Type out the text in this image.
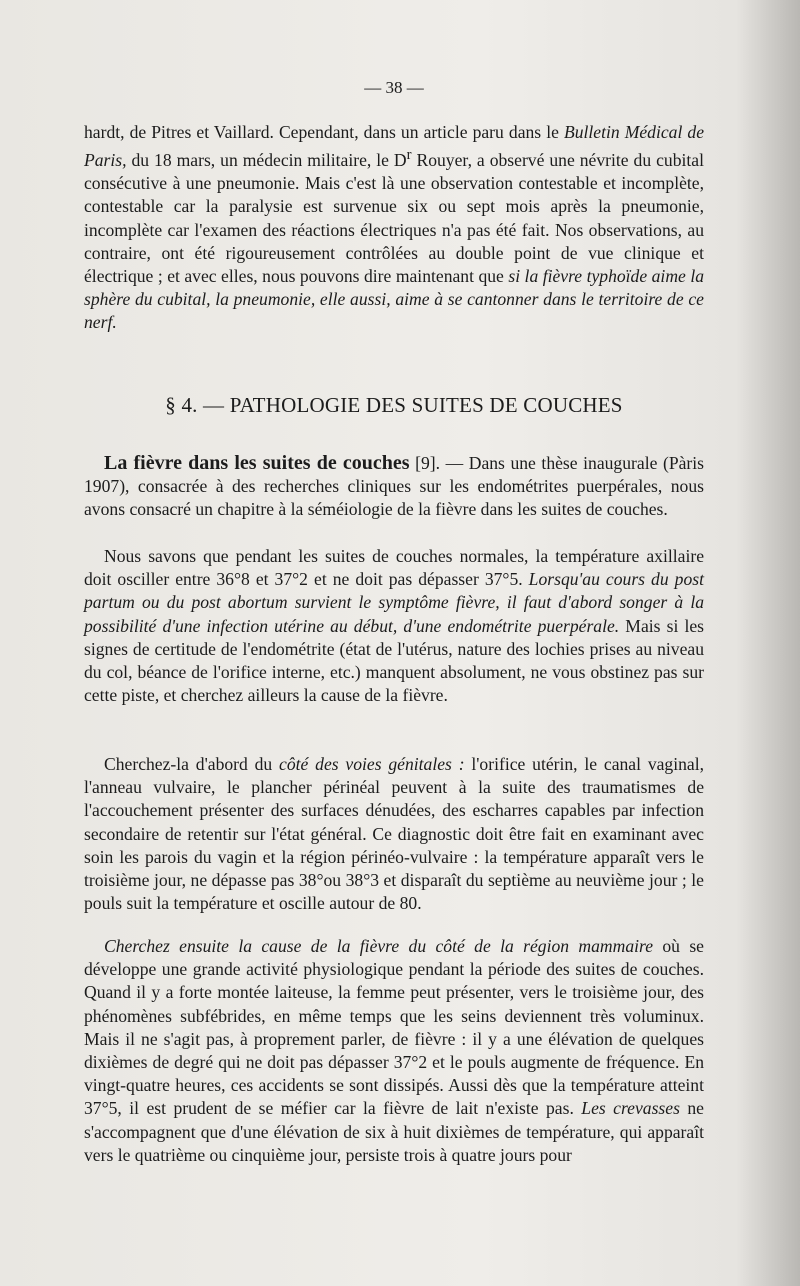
— 38 —

hardt, de Pitres et Vaillard. Cependant, dans un article paru dans le Bulletin Médical de Paris, du 18 mars, un médecin militaire, le $D^r$ Rouyer, a observé une névrite du cubital consécutive à une pneumonie. Mais c'est là une observation contestable et incomplète, contestable car la paralysie est survenue six ou sept mois après la pneumonie, incomplète car l'examen des réactions électriques n'a pas été fait. Nos observations, au contraire, ont été rigoureusement contrôlées au double point de vue clinique et électrique ; et avec elles, nous pouvons dire maintenant que si la fièvre typhoïde aime la sphère du cubital, la pneumonie, elle aussi, aime à se cantonner dans le territoire de ce nerf.

§ 4. — PATHOLOGIE DES SUITES DE COUCHES

La fièvre dans les suites de couches [9]. — Dans une thèse inaugurale (Pàris 1907), consacrée à des recherches cliniques sur les endométrites puerpérales, nous avons consacré un chapitre à la séméiologie de la fièvre dans les suites de couches.

Nous savons que pendant les suites de couches normales, la température axillaire doit osciller entre 36°8 et 37°2 et ne doit pas dépasser 37°5. Lorsqu'au cours du post partum ou du post abortum survient le symptôme fièvre, il faut d'abord songer à la possibilité d'une infection utérine au début, d'une endométrite puerpérale. Mais si les signes de certitude de l'endométrite (état de l'utérus, nature des lochies prises au niveau du col, béance de l'orifice interne, etc.) manquent absolument, ne vous obstinez pas sur cette piste, et cherchez ailleurs la cause de la fièvre.

Cherchez-la d'abord du côté des voies génitales : l'orifice utérin, le canal vaginal, l'anneau vulvaire, le plancher périnéal peuvent à la suite des traumatismes de l'accouchement présenter des surfaces dénudées, des escharres capables par infection secondaire de retentir sur l'état général. Ce diagnostic doit être fait en examinant avec soin les parois du vagin et la région périnéo-vulvaire : la température apparaît vers le troisième jour, ne dépasse pas 38°ou 38°3 et disparaît du septième au neuvième jour ; le pouls suit la température et oscille autour de 80.

Cherchez ensuite la cause de la fièvre du côté de la région mammaire où se développe une grande activité physiologique pendant la période des suites de couches. Quand il y a forte montée laiteuse, la femme peut présenter, vers le troisième jour, des phénomènes subfébrides, en même temps que les seins deviennent très voluminux. Mais il ne s'agit pas, à proprement parler, de fièvre : il y a une élévation de quelques dixièmes de degré qui ne doit pas dépasser 37°2 et le pouls augmente de fréquence. En vingt-quatre heures, ces accidents se sont dissipés. Aussi dès que la température atteint 37°5, il est prudent de se méfier car la fièvre de lait n'existe pas. Les crevasses ne s'accompagnent que d'une élévation de six à huit dixièmes de température, qui apparaît vers le quatrième ou cinquième jour, persiste trois à quatre jours pour
